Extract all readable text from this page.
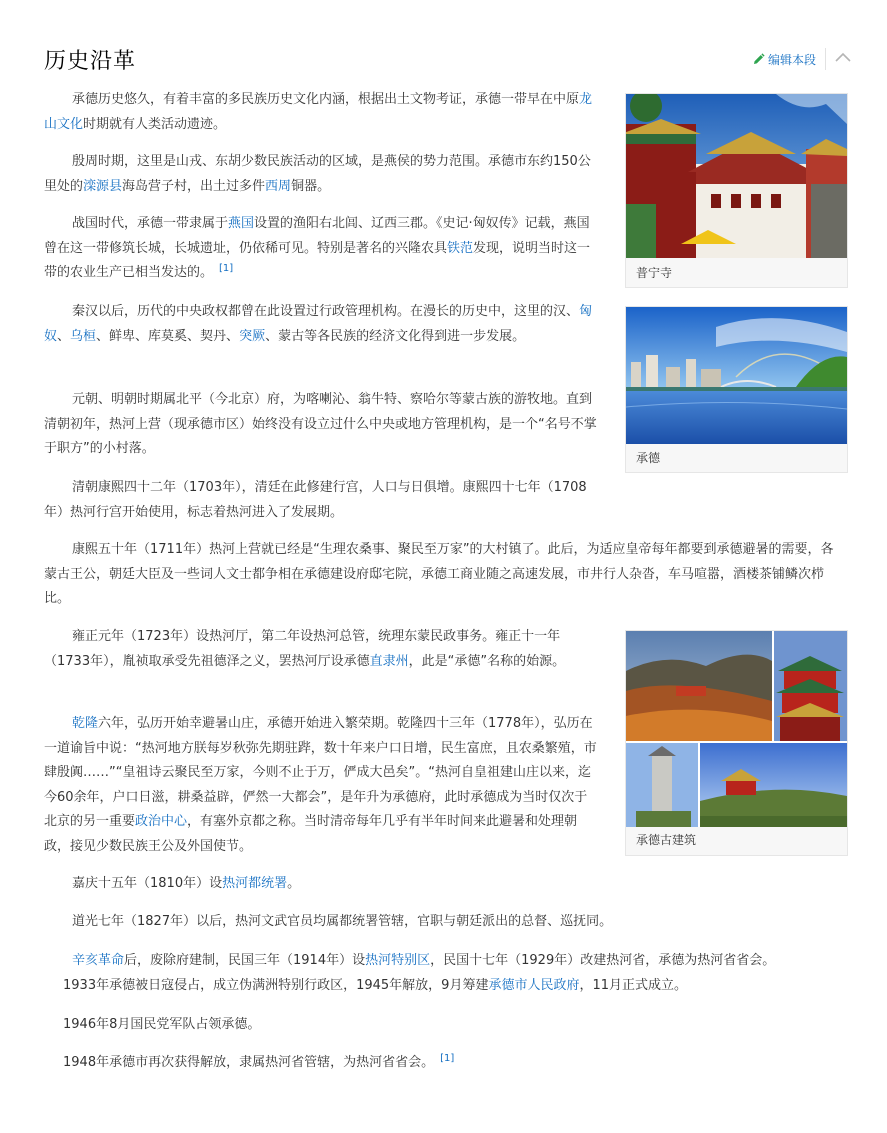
历史沿革	编辑本段

承德历史悠久，有着丰富的多民族历史文化内涵，根据出土文物考证，承德一带早在中原龙山文化时期就有人类活动遗迹。

殷周时期，这里是山戎、东胡少数民族活动的区域，是燕侯的势力范围。承德市东约150公里处的滦源县海岛营子村，出土过多件西周铜器。

战国时代，承德一带隶属于燕国设置的渔阳右北闾、辽西三郡。《史记·匈奴传》记载，燕国曾在这一带修筑长城，长城遗址，仍依稀可见。特别是著名的兴隆农具铁范发现，说明当时这一带的农业生产已相当发达的。 [1]

秦汉以后，历代的中央政权都曾在此设置过行政管理机构。在漫长的历史中，这里的汉、匈奴、乌桓、鲜卑、库莫奚、契丹、突厥、蒙古等各民族的经济文化得到进一步发展。

元朝、明朝时期属北平（今北京）府，为喀喇沁、翁牛特、察哈尔等蒙古族的游牧地。直到清朝初年，热河上营（现承德市区）始终没有设立过什么中央或地方管理机构，是一个“名号不掌于职方”的小村落。

清朝康熙四十二年（1703年），清廷在此修建行宫，人口与日俱增。康熙四十七年（1708年）热河行宫开始使用，标志着热河进入了发展期。

康熙五十年（1711年）热河上营就已经是“生理农桑事、聚民至万家”的大村镇了。此后，为适应皇帝每年都要到承德避暑的需要，各蒙古王公，朝廷大臣及一些词人文士都争相在承德建设府邸宅院，承德工商业随之高速发展，市井行人杂沓，车马喧嚣，酒楼茶铺鳞次栉比。

雍正元年（1723年）设热河厅，第二年设热河总管，统理东蒙民政事务。雍正十一年（1733年），胤祯取承受先祖德泽之义，罢热河厅设承德直隶州，此是“承德”名称的始源。

乾隆六年，弘历开始幸避暑山庄，承德开始进入繁荣期。乾隆四十三年（1778年），弘历在一道谕旨中说：“热河地方朕每岁秋弥先期驻跸，数十年来户口日增，民生富庶，且农桑繁殖，市肆殷阗……”“皇祖诗云聚民至万家，今则不止于万，俨成大邑矣”。“热河自皇祖建山庄以来，迄今60余年，户口日滋，耕桑益辟，俨然一大都会”，是年升为承德府，此时承德成为当时仅次于北京的另一重要政治中心，有塞外京都之称。当时清帝每年几乎有半年时间来此避暑和处理朝政，接见少数民族王公及外国使节。

嘉庆十五年（1810年）设热河都统署。

道光七年（1827年）以后，热河文武官员均属都统署管辖，官职与朝廷派出的总督、巡抚同。

辛亥革命后，废除府建制，民国三年（1914年）设热河特别区，民国十七年（1929年）改建热河省，承德为热河省省会。

1933年承德被日寇侵占，成立伪满洲特别行政区，1945年解放，9月筹建承德市人民政府，11月正式成立。

1946年8月国民党军队占领承德。

1948年承德市再次获得解放，隶属热河省管辖，为热河省省会。 [1]

普宁寺
承德
承德古建筑
